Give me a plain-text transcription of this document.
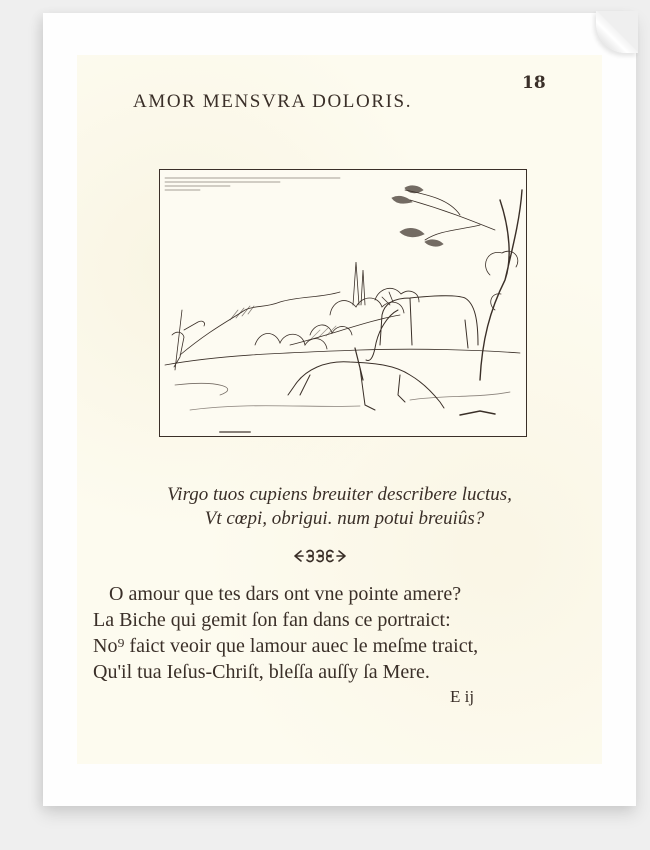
18
AMOR MENSVRA DOLORIS.
Virgo tuos cupiens breuiter describere luctus,
Vt cœpi, obrigui. num potui breuiûs?
O amour que tes dars ont vne pointe amere?
La Biche qui gemit ſon fan dans ce portraict:
No⁹ faict veoir que lamour auec le meſme traict,
Qu'il tua Ieſus-Chriſt, bleſſa auſſy ſa Mere.
E ij
